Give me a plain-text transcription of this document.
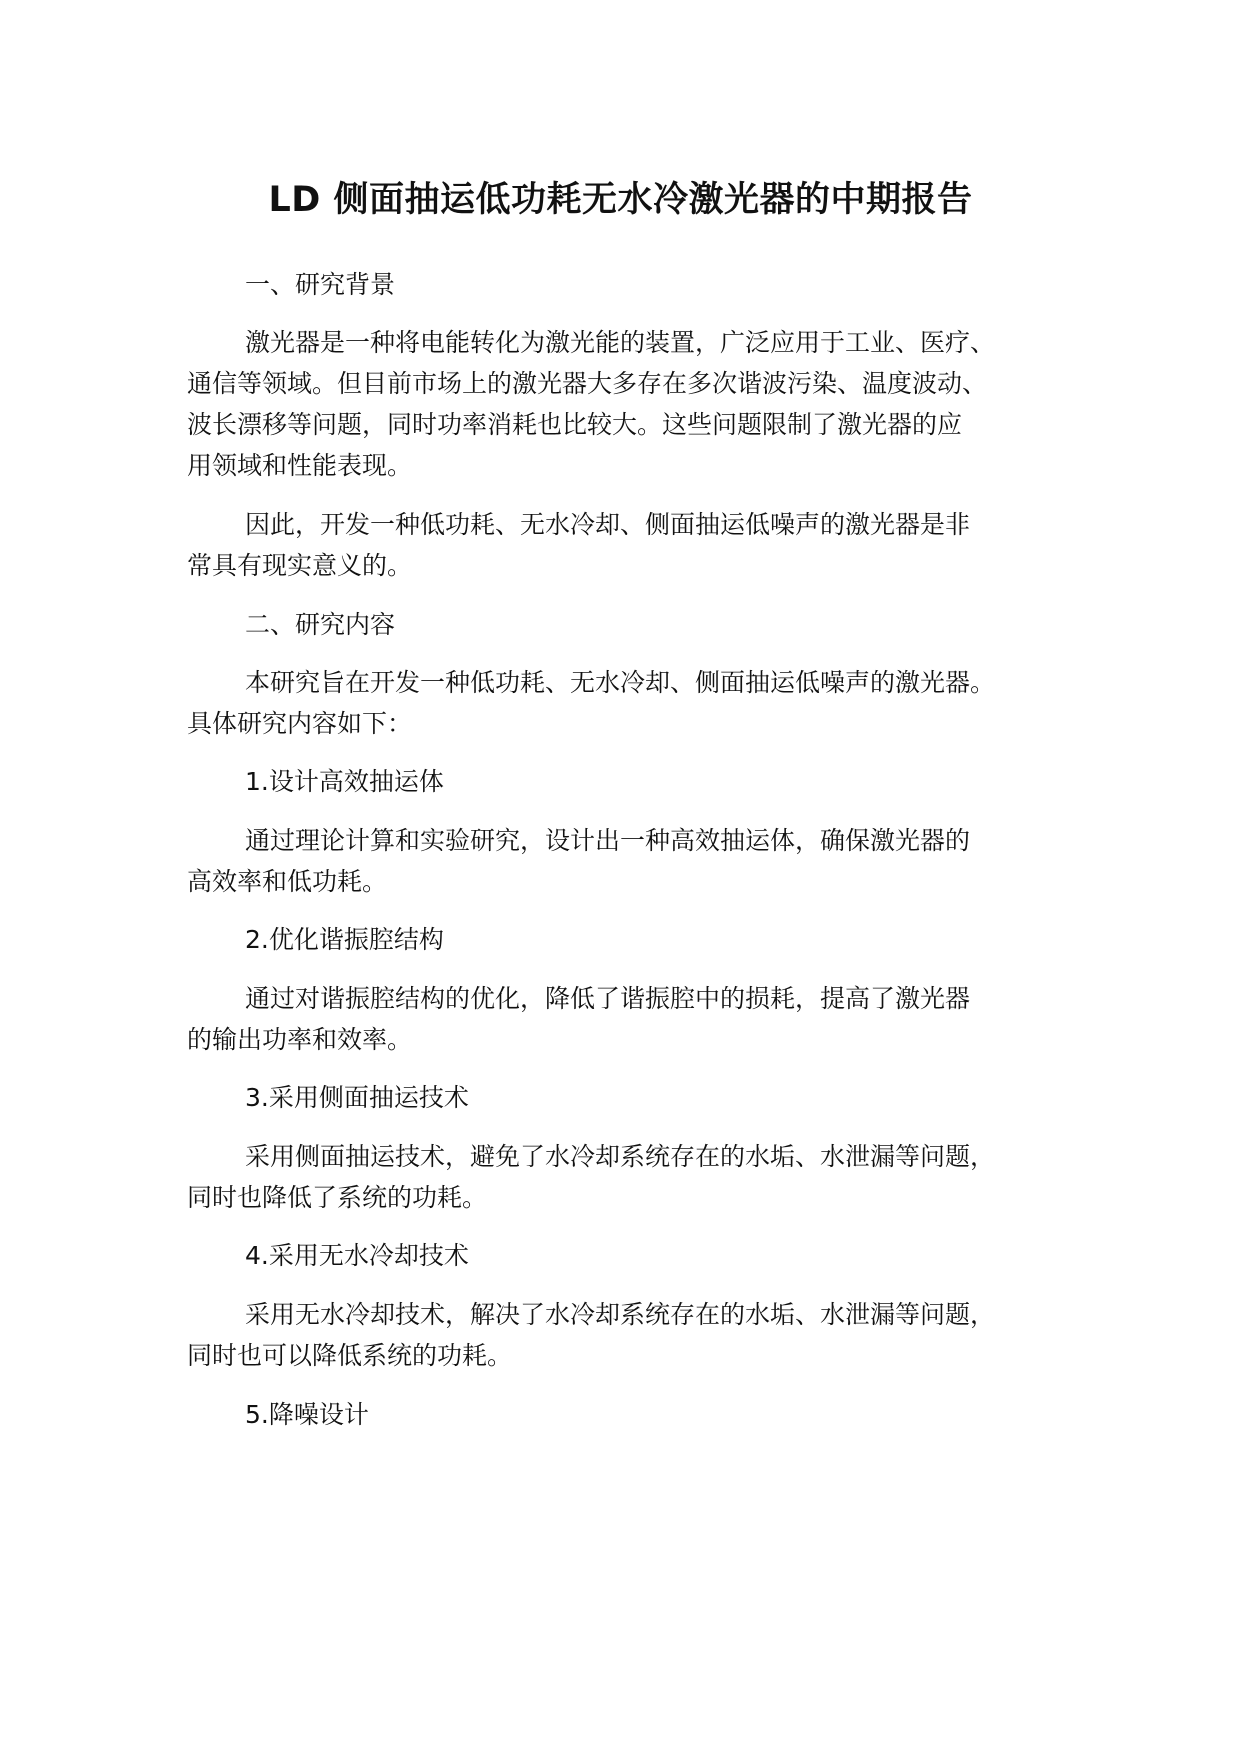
LD 侧面抽运低功耗无水冷激光器的中期报告

一、研究背景

激光器是一种将电能转化为激光能的装置，广泛应用于工业、医疗、

通信等领域。但目前市场上的激光器大多存在多次谐波污染、温度波动、

波长漂移等问题，同时功率消耗也比较大。这些问题限制了激光器的应

用领域和性能表现。

因此，开发一种低功耗、无水冷却、侧面抽运低噪声的激光器是非

常具有现实意义的。

二、研究内容

本研究旨在开发一种低功耗、无水冷却、侧面抽运低噪声的激光器。

具体研究内容如下：

1.设计高效抽运体

通过理论计算和实验研究，设计出一种高效抽运体，确保激光器的

高效率和低功耗。

2.优化谐振腔结构

通过对谐振腔结构的优化，降低了谐振腔中的损耗，提高了激光器

的输出功率和效率。

3.采用侧面抽运技术

采用侧面抽运技术，避免了水冷却系统存在的水垢、水泄漏等问题，

同时也降低了系统的功耗。

4.采用无水冷却技术

采用无水冷却技术，解决了水冷却系统存在的水垢、水泄漏等问题，

同时也可以降低系统的功耗。

5.降噪设计
